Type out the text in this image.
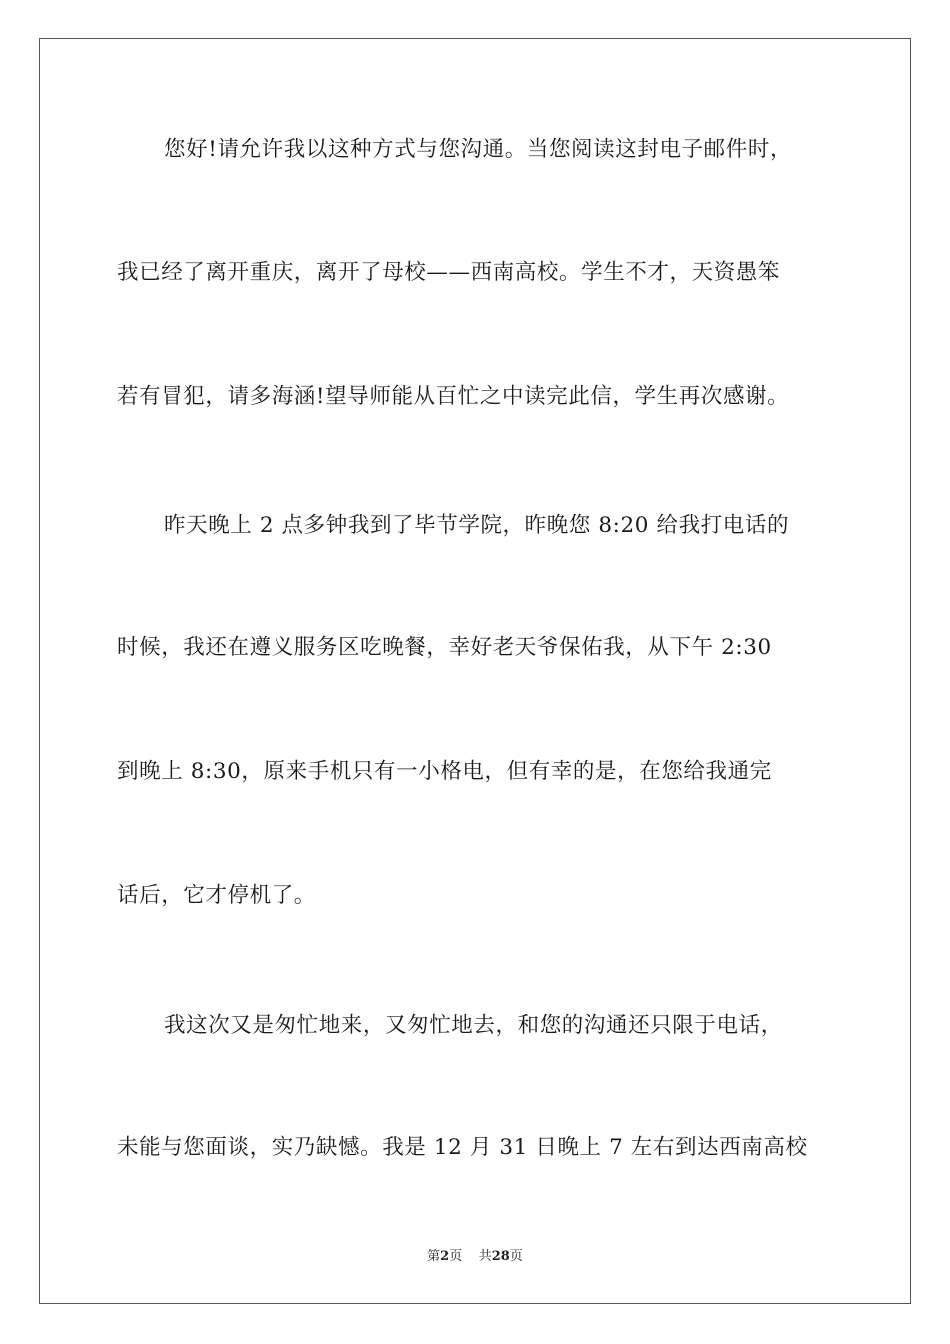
您好!请允许我以这种方式与您沟通。当您阅读这封电子邮件时，
我已经了离开重庆，离开了母校——西南高校。学生不才，天资愚笨
若有冒犯，请多海涵!望导师能从百忙之中读完此信，学生再次感谢。
昨天晚上 2 点多钟我到了毕节学院，昨晚您 8:20 给我打电话的
时候，我还在遵义服务区吃晚餐，幸好老天爷保佑我，从下午 2:30
到晚上 8:30，原来手机只有一小格电，但有幸的是，在您给我通完
话后，它才停机了。
我这次又是匆忙地来，又匆忙地去，和您的沟通还只限于电话，
未能与您面谈，实乃缺憾。我是 12 月 31 日晚上 7 左右到达西南高校
第2页 共28页
